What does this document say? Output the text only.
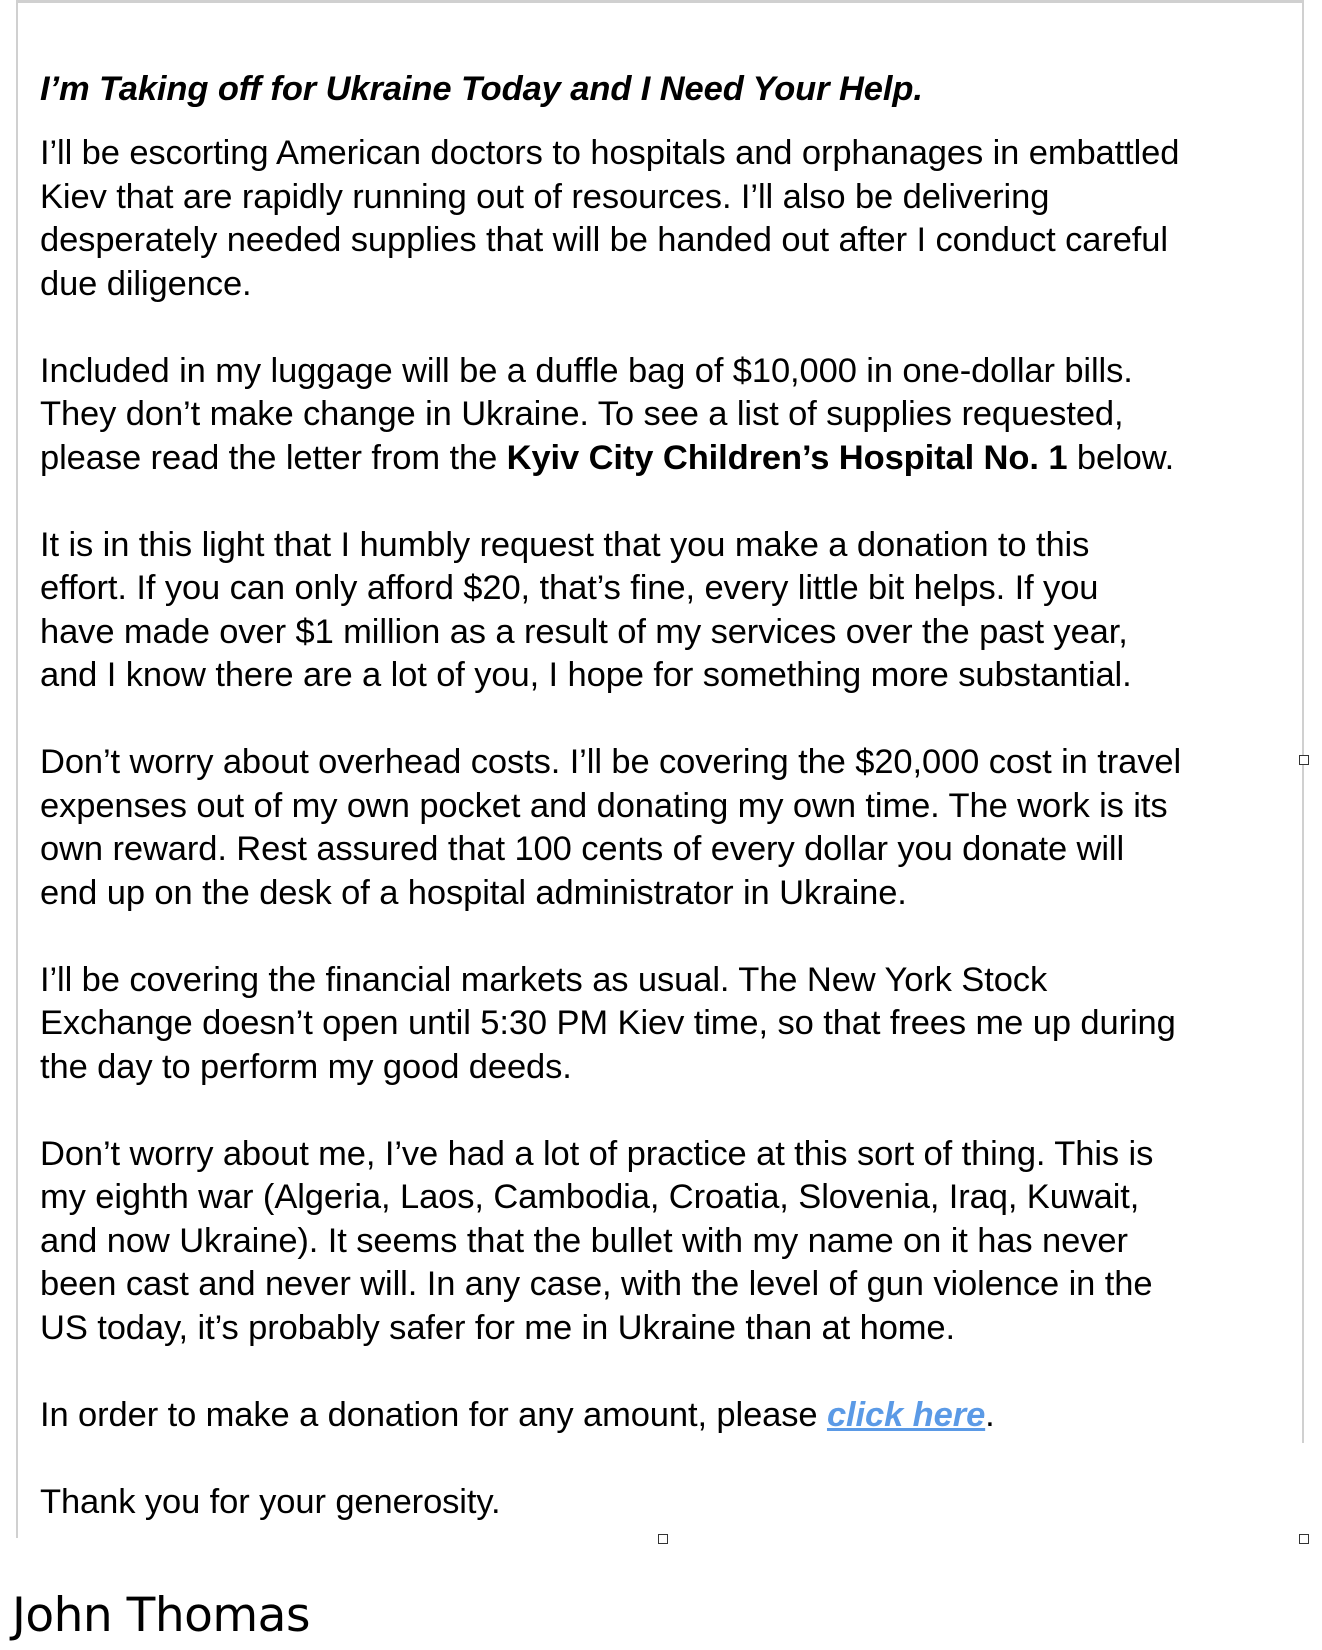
I’m Taking off for Ukraine Today and I Need Your Help.

I’ll be escorting American doctors to hospitals and orphanages in embattled
Kiev that are rapidly running out of resources. I’ll also be delivering
desperately needed supplies that will be handed out after I conduct careful
due diligence.

Included in my luggage will be a duffle bag of $10,000 in one-dollar bills.
They don’t make change in Ukraine. To see a list of supplies requested,
please read the letter from the Kyiv City Children’s Hospital No. 1 below.

It is in this light that I humbly request that you make a donation to this
effort. If you can only afford $20, that’s fine, every little bit helps. If you
have made over $1 million as a result of my services over the past year,
and I know there are a lot of you, I hope for something more substantial.

Don’t worry about overhead costs. I’ll be covering the $20,000 cost in travel
expenses out of my own pocket and donating my own time. The work is its
own reward. Rest assured that 100 cents of every dollar you donate will
end up on the desk of a hospital administrator in Ukraine.

I’ll be covering the financial markets as usual. The New York Stock
Exchange doesn’t open until 5:30 PM Kiev time, so that frees me up during
the day to perform my good deeds.

Don’t worry about me, I’ve had a lot of practice at this sort of thing. This is
my eighth war (Algeria, Laos, Cambodia, Croatia, Slovenia, Iraq, Kuwait,
and now Ukraine). It seems that the bullet with my name on it has never
been cast and never will. In any case, with the level of gun violence in the
US today, it’s probably safer for me in Ukraine than at home.

In order to make a donation for any amount, please click here.

Thank you for your generosity.

John Thomas
